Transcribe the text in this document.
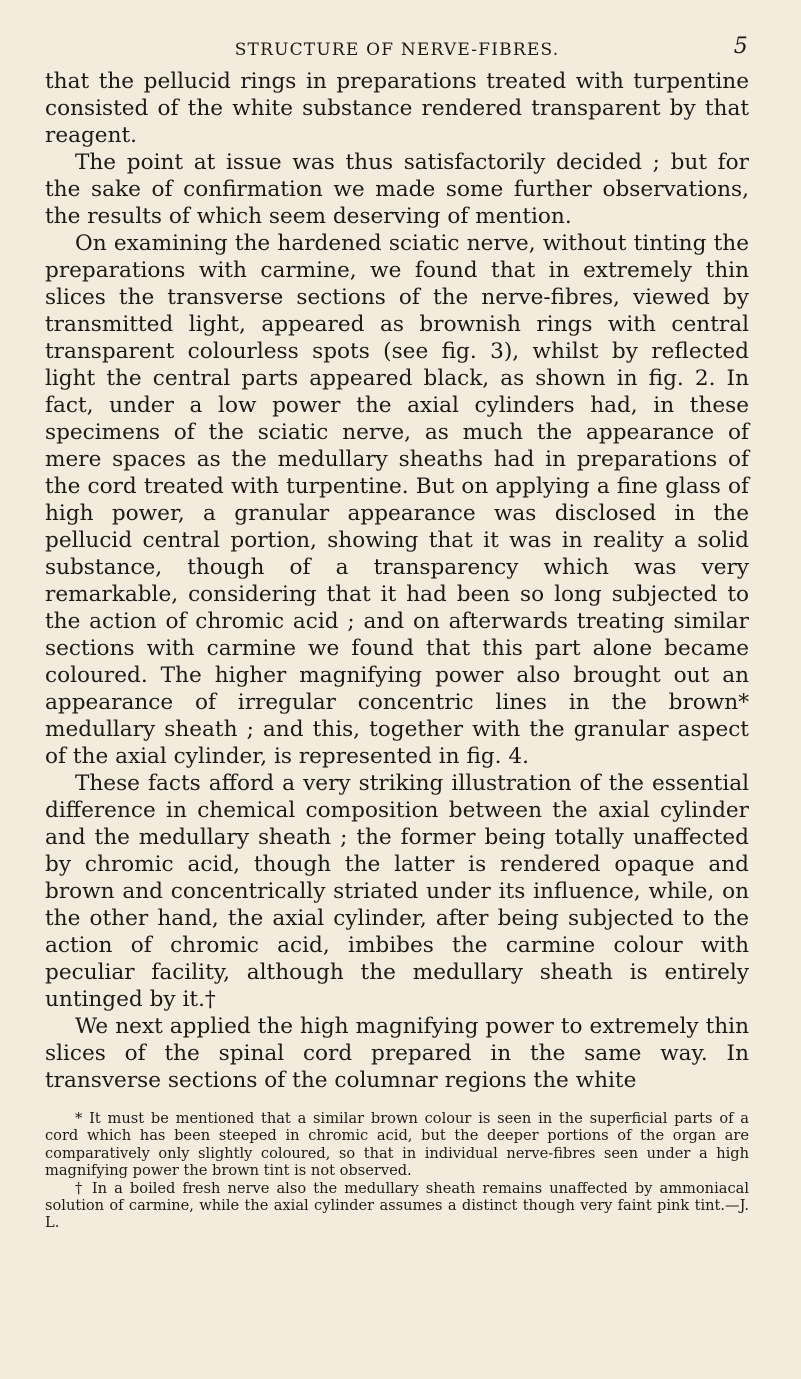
STRUCTURE OF NERVE-FIBRES.	5

that the pellucid rings in preparations treated with turpentine consisted of the white substance rendered transparent by that reagent.

The point at issue was thus satisfactorily decided ; but for the sake of confirmation we made some further observations, the results of which seem deserving of mention.

On examining the hardened sciatic nerve, without tinting the preparations with carmine, we found that in extremely thin slices the transverse sections of the nerve-fibres, viewed by transmitted light, appeared as brownish rings with central transparent colourless spots (see fig. 3), whilst by reflected light the central parts appeared black, as shown in fig. 2. In fact, under a low power the axial cylinders had, in these specimens of the sciatic nerve, as much the appearance of mere spaces as the medullary sheaths had in preparations of the cord treated with turpentine. But on applying a fine glass of high power, a granular appearance was disclosed in the pellucid central portion, showing that it was in reality a solid substance, though of a transparency which was very remarkable, considering that it had been so long subjected to the action of chromic acid ; and on afterwards treating similar sections with carmine we found that this part alone became coloured. The higher magnifying power also brought out an appearance of irregular concentric lines in the brown* medullary sheath ; and this, together with the granular aspect of the axial cylinder, is represented in fig. 4.

These facts afford a very striking illustration of the essential difference in chemical composition between the axial cylinder and the medullary sheath ; the former being totally unaffected by chromic acid, though the latter is rendered opaque and brown and concentrically striated under its influence, while, on the other hand, the axial cylinder, after being subjected to the action of chromic acid, imbibes the carmine colour with peculiar facility, although the medullary sheath is entirely untinged by it.†

We next applied the high magnifying power to extremely thin slices of the spinal cord prepared in the same way. In transverse sections of the columnar regions the white

* It must be mentioned that a similar brown colour is seen in the superficial parts of a cord which has been steeped in chromic acid, but the deeper portions of the organ are comparatively only slightly coloured, so that in individual nerve-fibres seen under a high magnifying power the brown tint is not observed.

† In a boiled fresh nerve also the medullary sheath remains unaffected by ammoniacal solution of carmine, while the axial cylinder assumes a distinct though very faint pink tint.—J. L.
